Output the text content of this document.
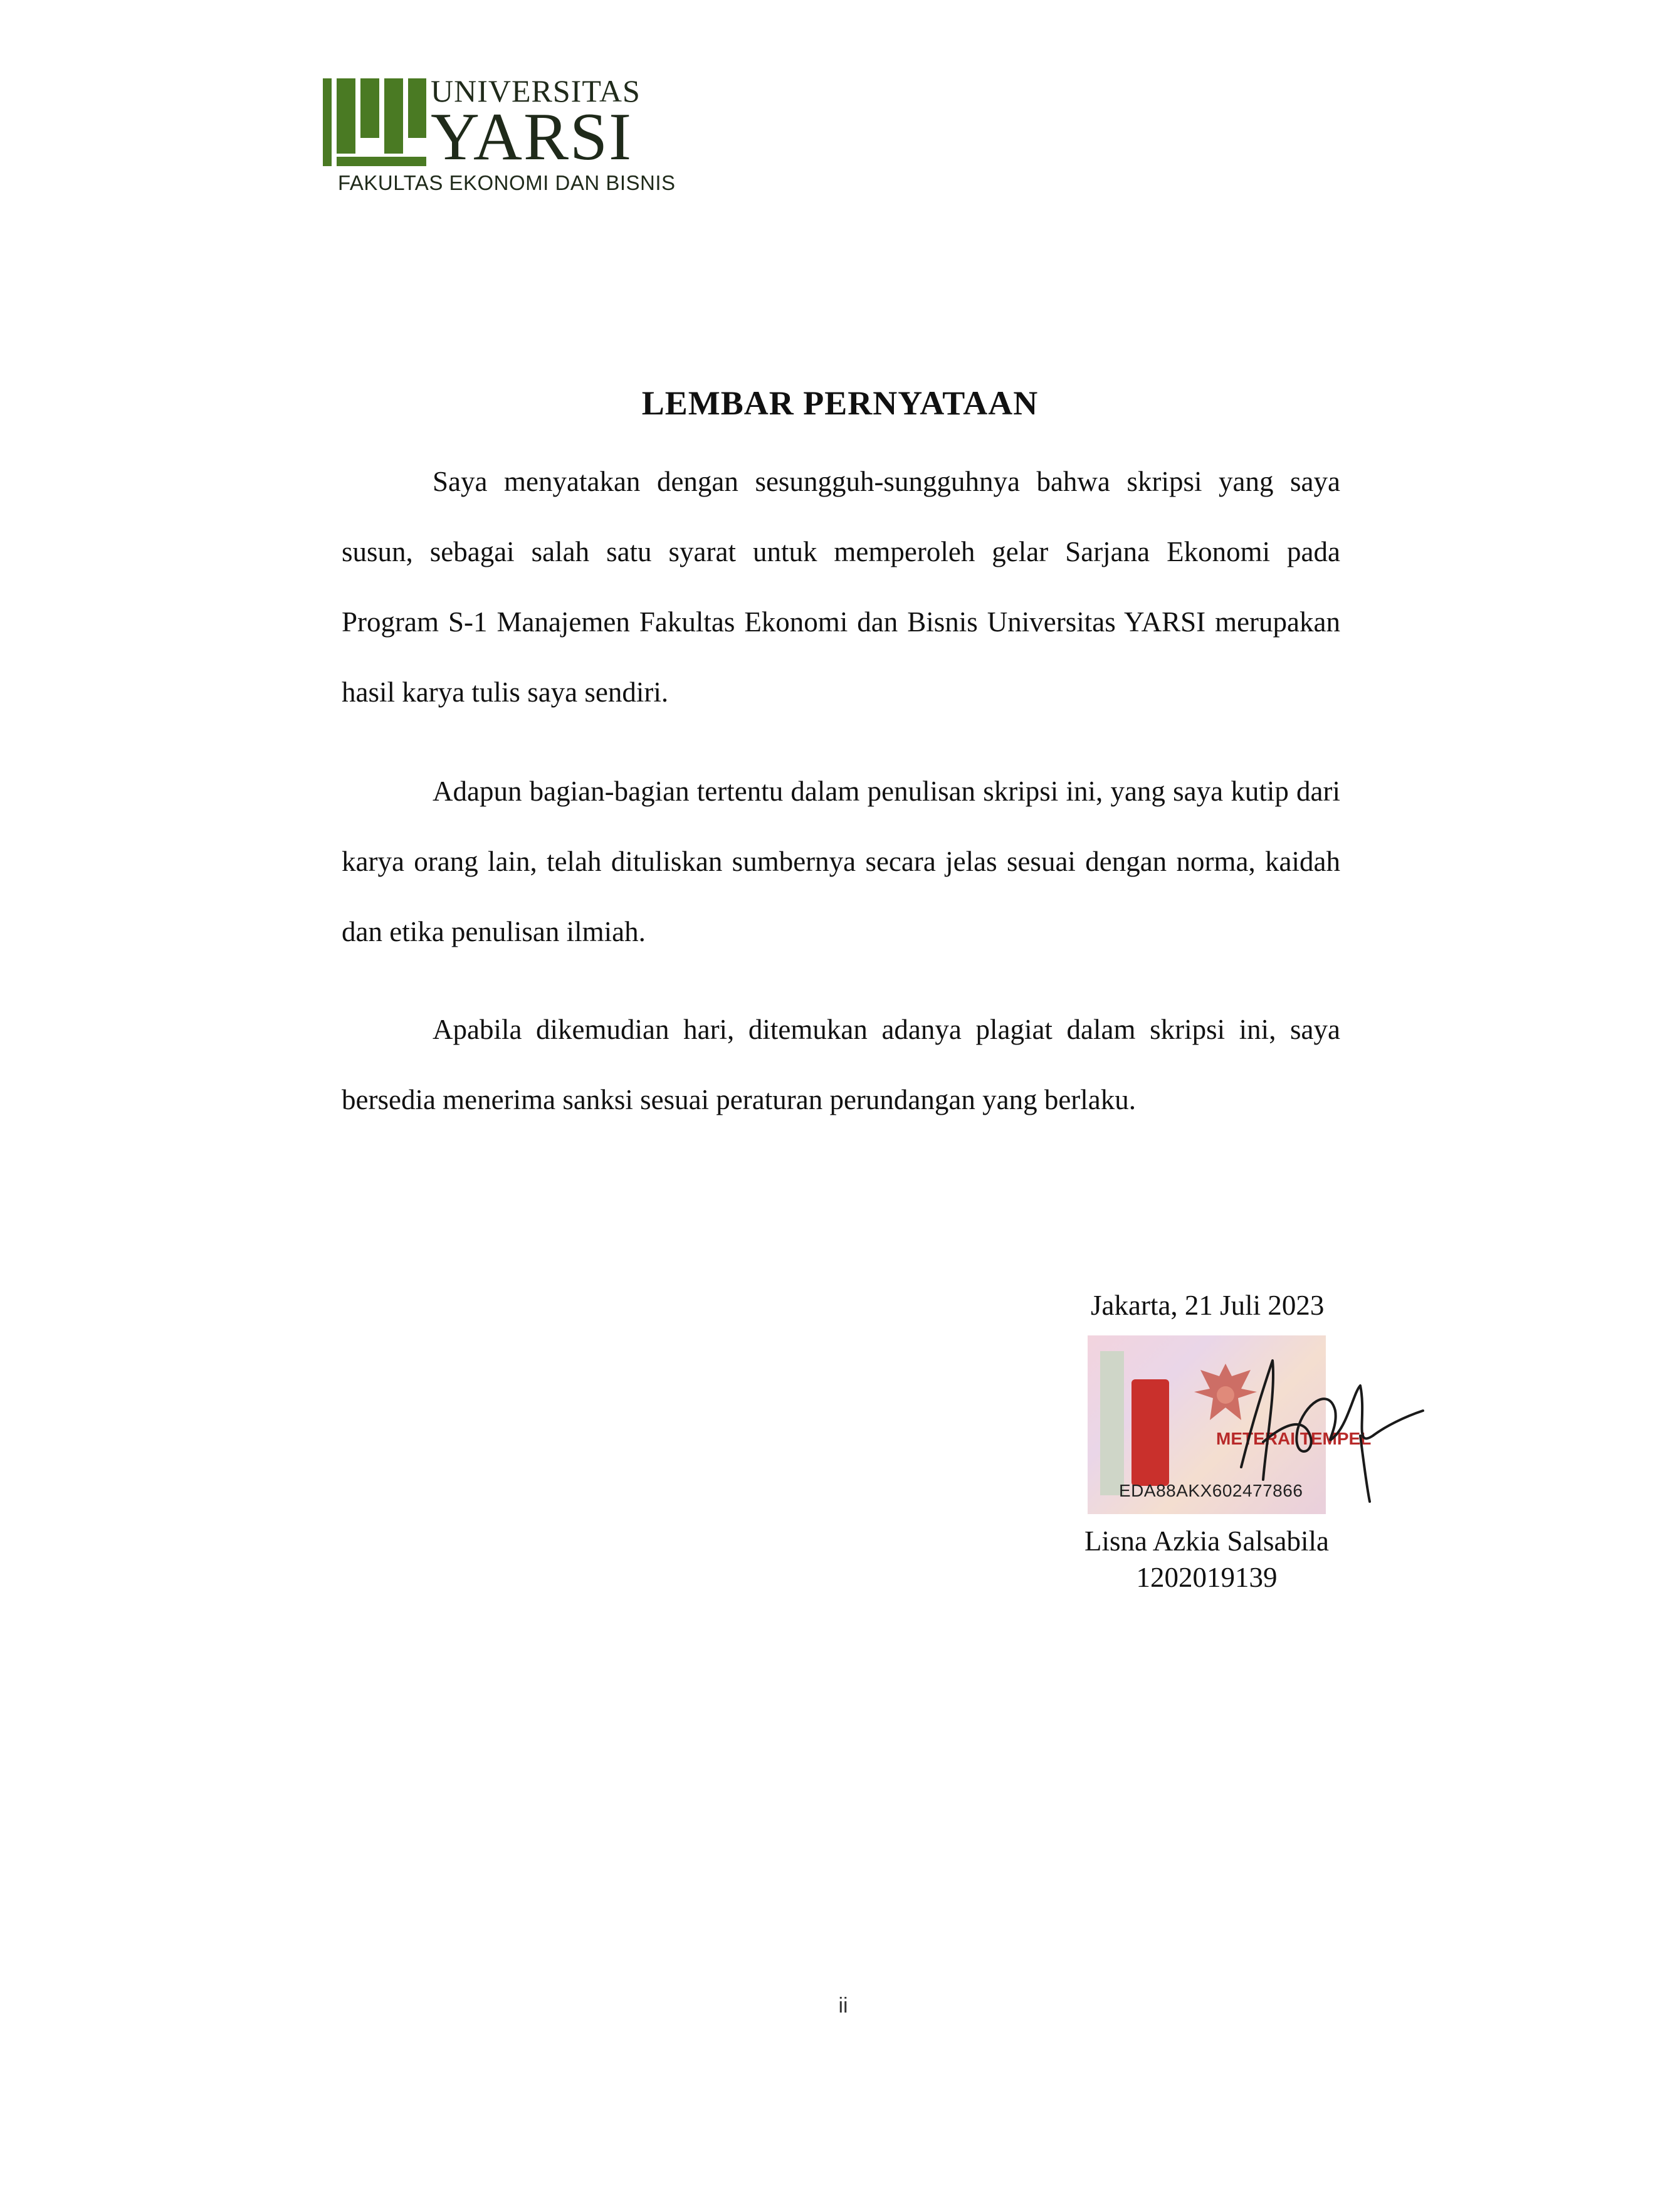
UNIVERSITAS
YARSI
FAKULTAS EKONOMI DAN BISNIS
LEMBAR PERNYATAAN

Saya menyatakan dengan sesungguh-sungguhnya bahwa skripsi yang saya susun, sebagai salah satu syarat untuk memperoleh gelar Sarjana Ekonomi pada Program S-1 Manajemen Fakultas Ekonomi dan Bisnis Universitas YARSI merupakan hasil karya tulis saya sendiri.

Adapun bagian-bagian tertentu dalam penulisan skripsi ini, yang saya kutip dari karya orang lain, telah dituliskan sumbernya secara jelas sesuai dengan norma, kaidah dan etika penulisan ilmiah.

Apabila dikemudian hari, ditemukan adanya plagiat dalam skripsi ini, saya bersedia menerima sanksi sesuai peraturan perundangan yang berlaku.

Jakarta, 21 Juli 2023
METERAI TEMPEL
EDA88AKX602477866
Lisna Azkia Salsabila
1202019139
ii
